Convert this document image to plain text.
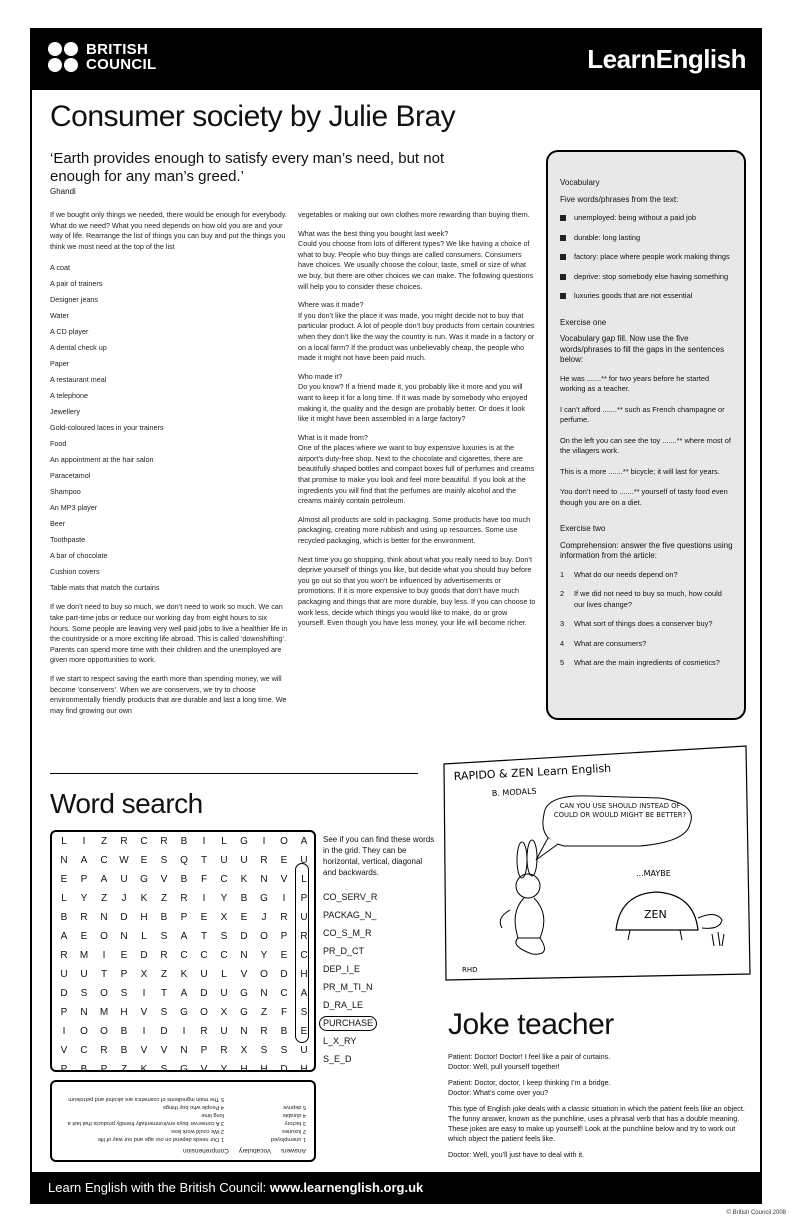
BRITISH
COUNCIL	LearnEnglish
Consumer society by Julie Bray
‘Earth provides enough to satisfy every man’s need, but not enough for any man’s greed.’
Ghandi

If we bought only things we needed, there would be enough for everybody. What do we need? What you need depends on how old you are and your way of life. Rearrange the list of things you can buy and put the things you think we most need at the top of the list

A coat
A pair of trainers
Designer jeans
Water
A CD player
A dental check up
Paper
A restaurant meal
A telephone
Jewellery
Gold-coloured laces in your trainers
Food
An appointment at the hair salon
Paracetamol
Shampoo
An MP3 player
Beer
Toothpaste
A bar of chocolate
Cushion covers
Table mats that match the curtains

If we don’t need to buy so much, we don’t need to work so much. We can take part-time jobs or reduce our working day from eight hours to six hours. Some people are leaving very well paid jobs to live a healthier life in the countryside or a more exciting life abroad. This is called ‘downshifting’. Parents can spend more time with their children and the unemployed are given more opportunities to work.

If we start to respect saving the earth more than spending money, we will become ‘conservers’. When we are conservers, we try to choose environmentally friendly products that are durable and last a long time. We may find growing our own

vegetables or making our own clothes more rewarding than buying them.

What was the best thing you bought last week?
Could you choose from lots of different types? We like having a choice of what to buy. People who buy things are called consumers. Consumers have choices. We usually choose the colour, taste, smell or size of what we buy, but there are other choices we can make. The following questions will help you to consider these choices.

Where was it made?
If you don’t like the place it was made, you might decide not to buy that particular product. A lot of people don’t buy products from certain countries when they don’t like the way the country is run. Was it made in a factory or on a local farm? If the product was unbelievably cheap, the people who made it might not have been paid much.

Who made it?
Do you know? If a friend made it, you probably like it more and you will want to keep it for a long time. If it was made by somebody who enjoyed making it, the quality and the design are probably better. Or does it look like it might have been assembled in a large factory?

What is it made from?
One of the places where we want to buy expensive luxuries is at the airport’s duty-free shop. Next to the chocolate and cigarettes, there are beautifully shaped bottles and compact boxes full of perfumes and creams that promise to make you look and feel more beautiful. If you look at the ingredients you will find that the perfumes are mainly alcohol and the creams mainly contain petroleum.

Almost all products are sold in packaging. Some products have too much packaging, creating more rubbish and using up resources. Some use recycled packaging, which is better for the environment.

Next time you go shopping, think about what you really need to buy. Don’t deprive yourself of things you like, but decide what you should buy before you go out so that you won’t be influenced by advertisements or promotions. If it is more expensive to buy goods that don’t have much packaging and things that are more durable, buy less. If you can choose to work less, decide which things you would like to make, do or grow yourself. Even though you have less money, your life will become richer.

Vocabulary
Five words/phrases from the text:
unemployed: being without a paid job
durable: long lasting
factory: place where people work making things
deprive: stop somebody else having something
luxuries goods that are not essential
Exercise one
Vocabulary gap fill. Now use the five words/phrases to fill the gaps in the sentences below:
He was .......** for two years before he started working as a teacher.
I can’t afford .......** such as French champagne or perfume.
On the left you can see the toy .......** where most of the villagers work.
This is a more .......** bicycle; it will last for years.
You don’t need to .......** yourself of tasty food even though you are on a diet.
Exercise two
Comprehension: answer the five questions using information from the article:
1 What do our needs depend on?
2 If we did not need to buy so much, how could our lives change?
3 What sort of things does a conserver buy?
4 What are consumers?
5 What are the main ingredients of cosmetics?
Word search
L	I	Z	R	C	R	B	I	L	G	I	O	A
N	A	C	W	E	S	Q	T	U	U	R	E	U
E	P	A	U	G	V	B	F	C	K	N	V	L
L	Y	Z	J	K	Z	R	I	Y	B	G	I	P
B	R	N	D	H	B	P	E	X	E	J	R	U
A	E	O	N	L	S	A	T	S	D	O	P	R
R	M	I	E	D	R	C	C	C	N	Y	E	C
U	U	T	P	X	Z	K	U	L	V	O	D	H
D	S	O	S	I	T	A	D	U	G	N	C	A
P	N	M	H	V	S	G	O	X	G	Z	F	S
I	O	O	B	I	D	I	R	U	N	R	B	E
V	C	R	B	V	V	N	P	R	X	S	S	U
P	B	P	Z	K	S	G	V	Y	H	H	D	H
See if you can find these words in the grid. They can be horizontal, vertical, diagonal and backwards.
CO_SERV_R
PACKAG_N_
CO_S_M_R
PR_D_CT
DEP_I_E
PR_M_TI_N
D_RA_LE
PURCHASE
L_X_RY
S_E_D
Answers
Vocabulary
Comprehension
1 unemployed
2 luxuries
3 factory
4 durable
5 deprive
1 Our needs depend on our age and our way of life
2 We could work less
3 A conserver buys environmentally friendly products that last a long time
4 People who buy things
5 The main ingredients of cosmetics are alcohol and petroleum
RAPIDO & ZEN Learn English
B. MODALS
CAN YOU USE SHOULD INSTEAD OF COULD OR WOULD MIGHT BE BETTER?
...MAYBE
ZEN
RHD
Joke teacher
Patient: Doctor! Doctor! I feel like a pair of curtains.
Doctor: Well, pull yourself together!
Patient: Doctor, doctor, I keep thinking I’m a bridge.
Doctor: What’s come over you?
This type of English joke deals with a classic situation in which the patient feels like an object. The funny answer, known as the punchline, uses a phrasal verb that has a double meaning. These jokes are easy to make up yourself! Look at the punchline below and try to work out which object the patient feels like.
Doctor: Well, you’ll just have to deal with it.
Learn English with the British Council: www.learnenglish.org.uk
© British Council 2008
